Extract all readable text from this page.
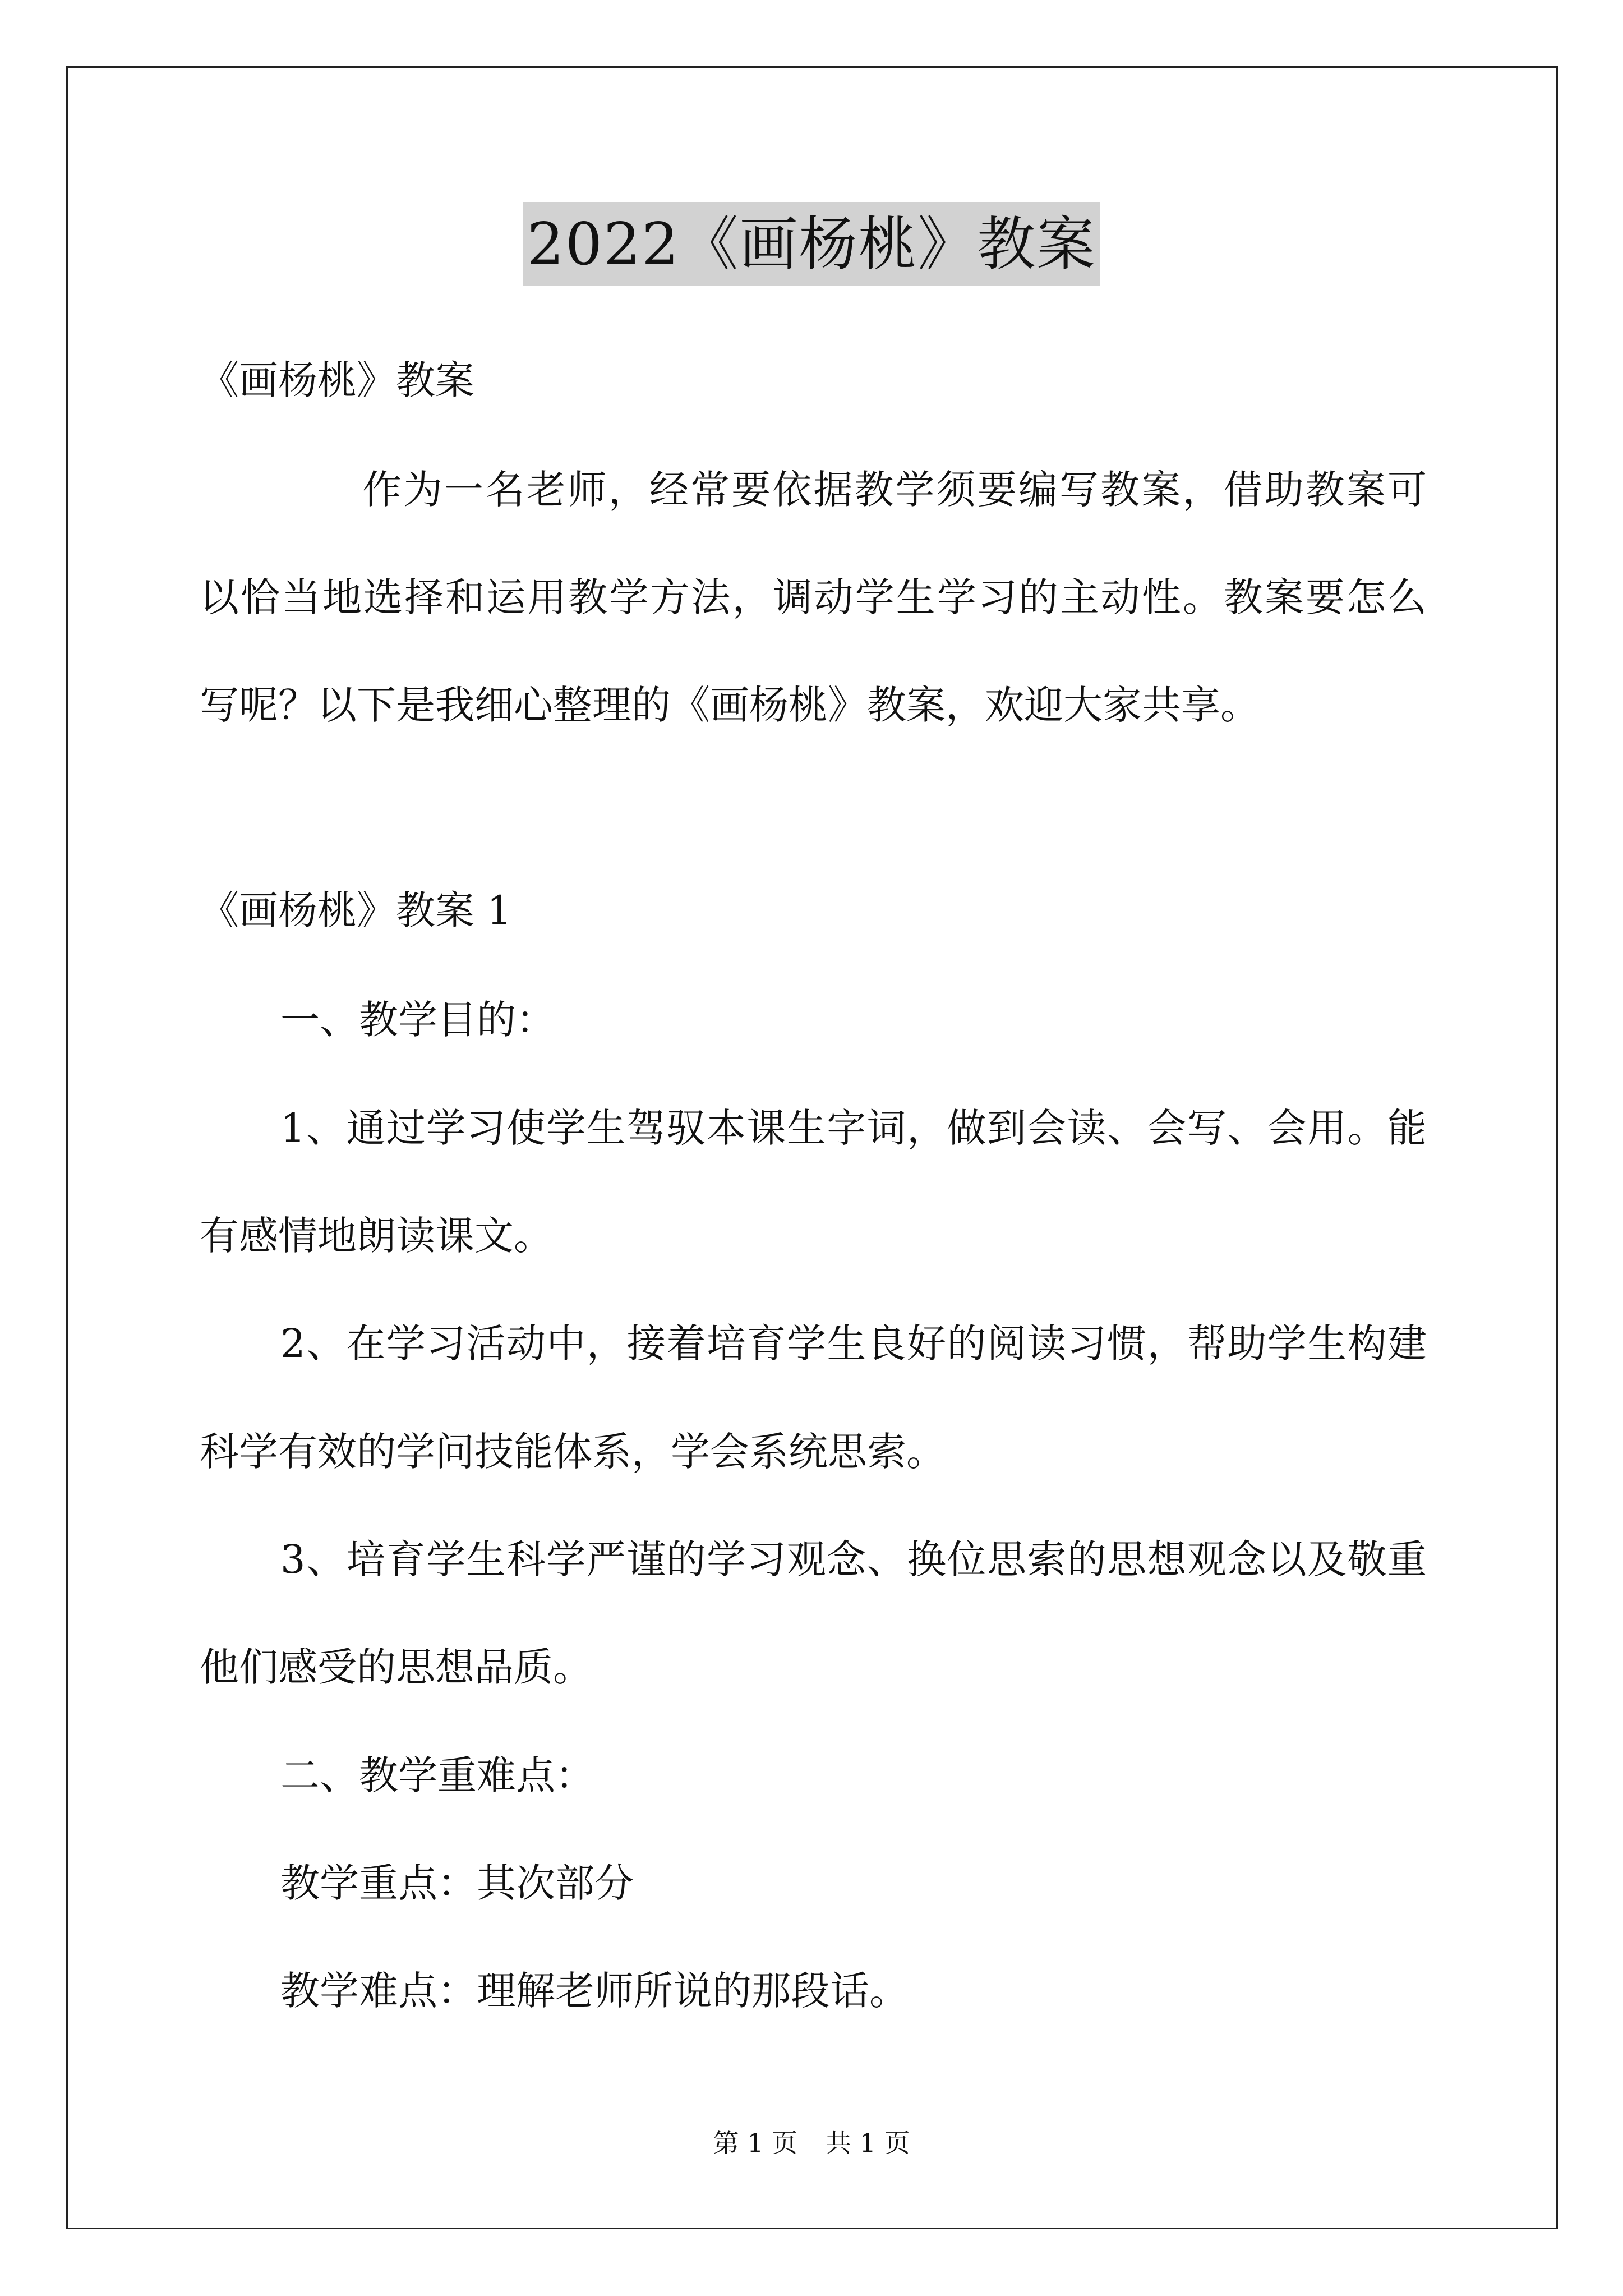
2022《画杨桃》教案
《画杨桃》教案
作为一名老师，经常要依据教学须要编写教案，借助教案可
以恰当地选择和运用教学方法，调动学生学习的主动性。教案要怎么
写呢？以下是我细心整理的《画杨桃》教案，欢迎大家共享。
《画杨桃》教案 1
一、教学目的：
1、通过学习使学生驾驭本课生字词，做到会读、会写、会用。能
有感情地朗读课文。
2、在学习活动中，接着培育学生良好的阅读习惯，帮助学生构建
科学有效的学问技能体系，学会系统思索。
3、培育学生科学严谨的学习观念、换位思索的思想观念以及敬重
他们感受的思想品质。
二、教学重难点：
教学重点：其次部分
教学难点：理解老师所说的那段话。
第 1 页 共 1 页
